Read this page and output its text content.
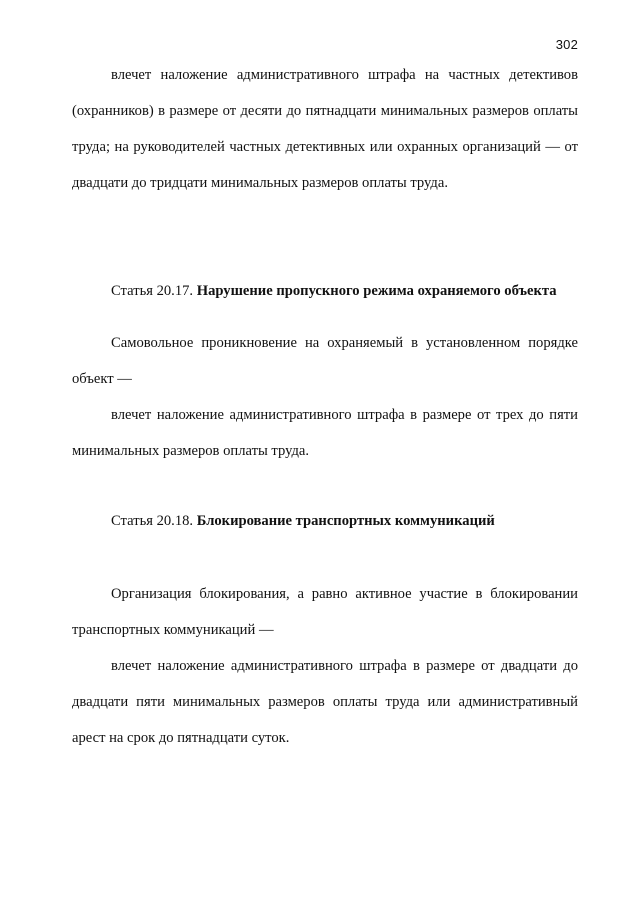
302

влечет наложение административного штрафа на частных детективов (охранников) в размере от десяти до пятнадцати минимальных размеров оплаты труда; на руководителей частных детективных или охранных организаций — от двадцати до тридцати минимальных размеров оплаты труда.

Статья 20.17. Нарушение пропускного режима охраняемого объекта

Самовольное проникновение на охраняемый в установленном порядке объект —

влечет наложение административного штрафа в размере от трех до пяти минимальных размеров оплаты труда.

Статья 20.18. Блокирование транспортных коммуникаций

Организация блокирования, а равно активное участие в блокировании транспортных коммуникаций —

влечет наложение административного штрафа в размере от двадцати до двадцати пяти минимальных размеров оплаты труда или административный арест на срок до пятнадцати суток.
